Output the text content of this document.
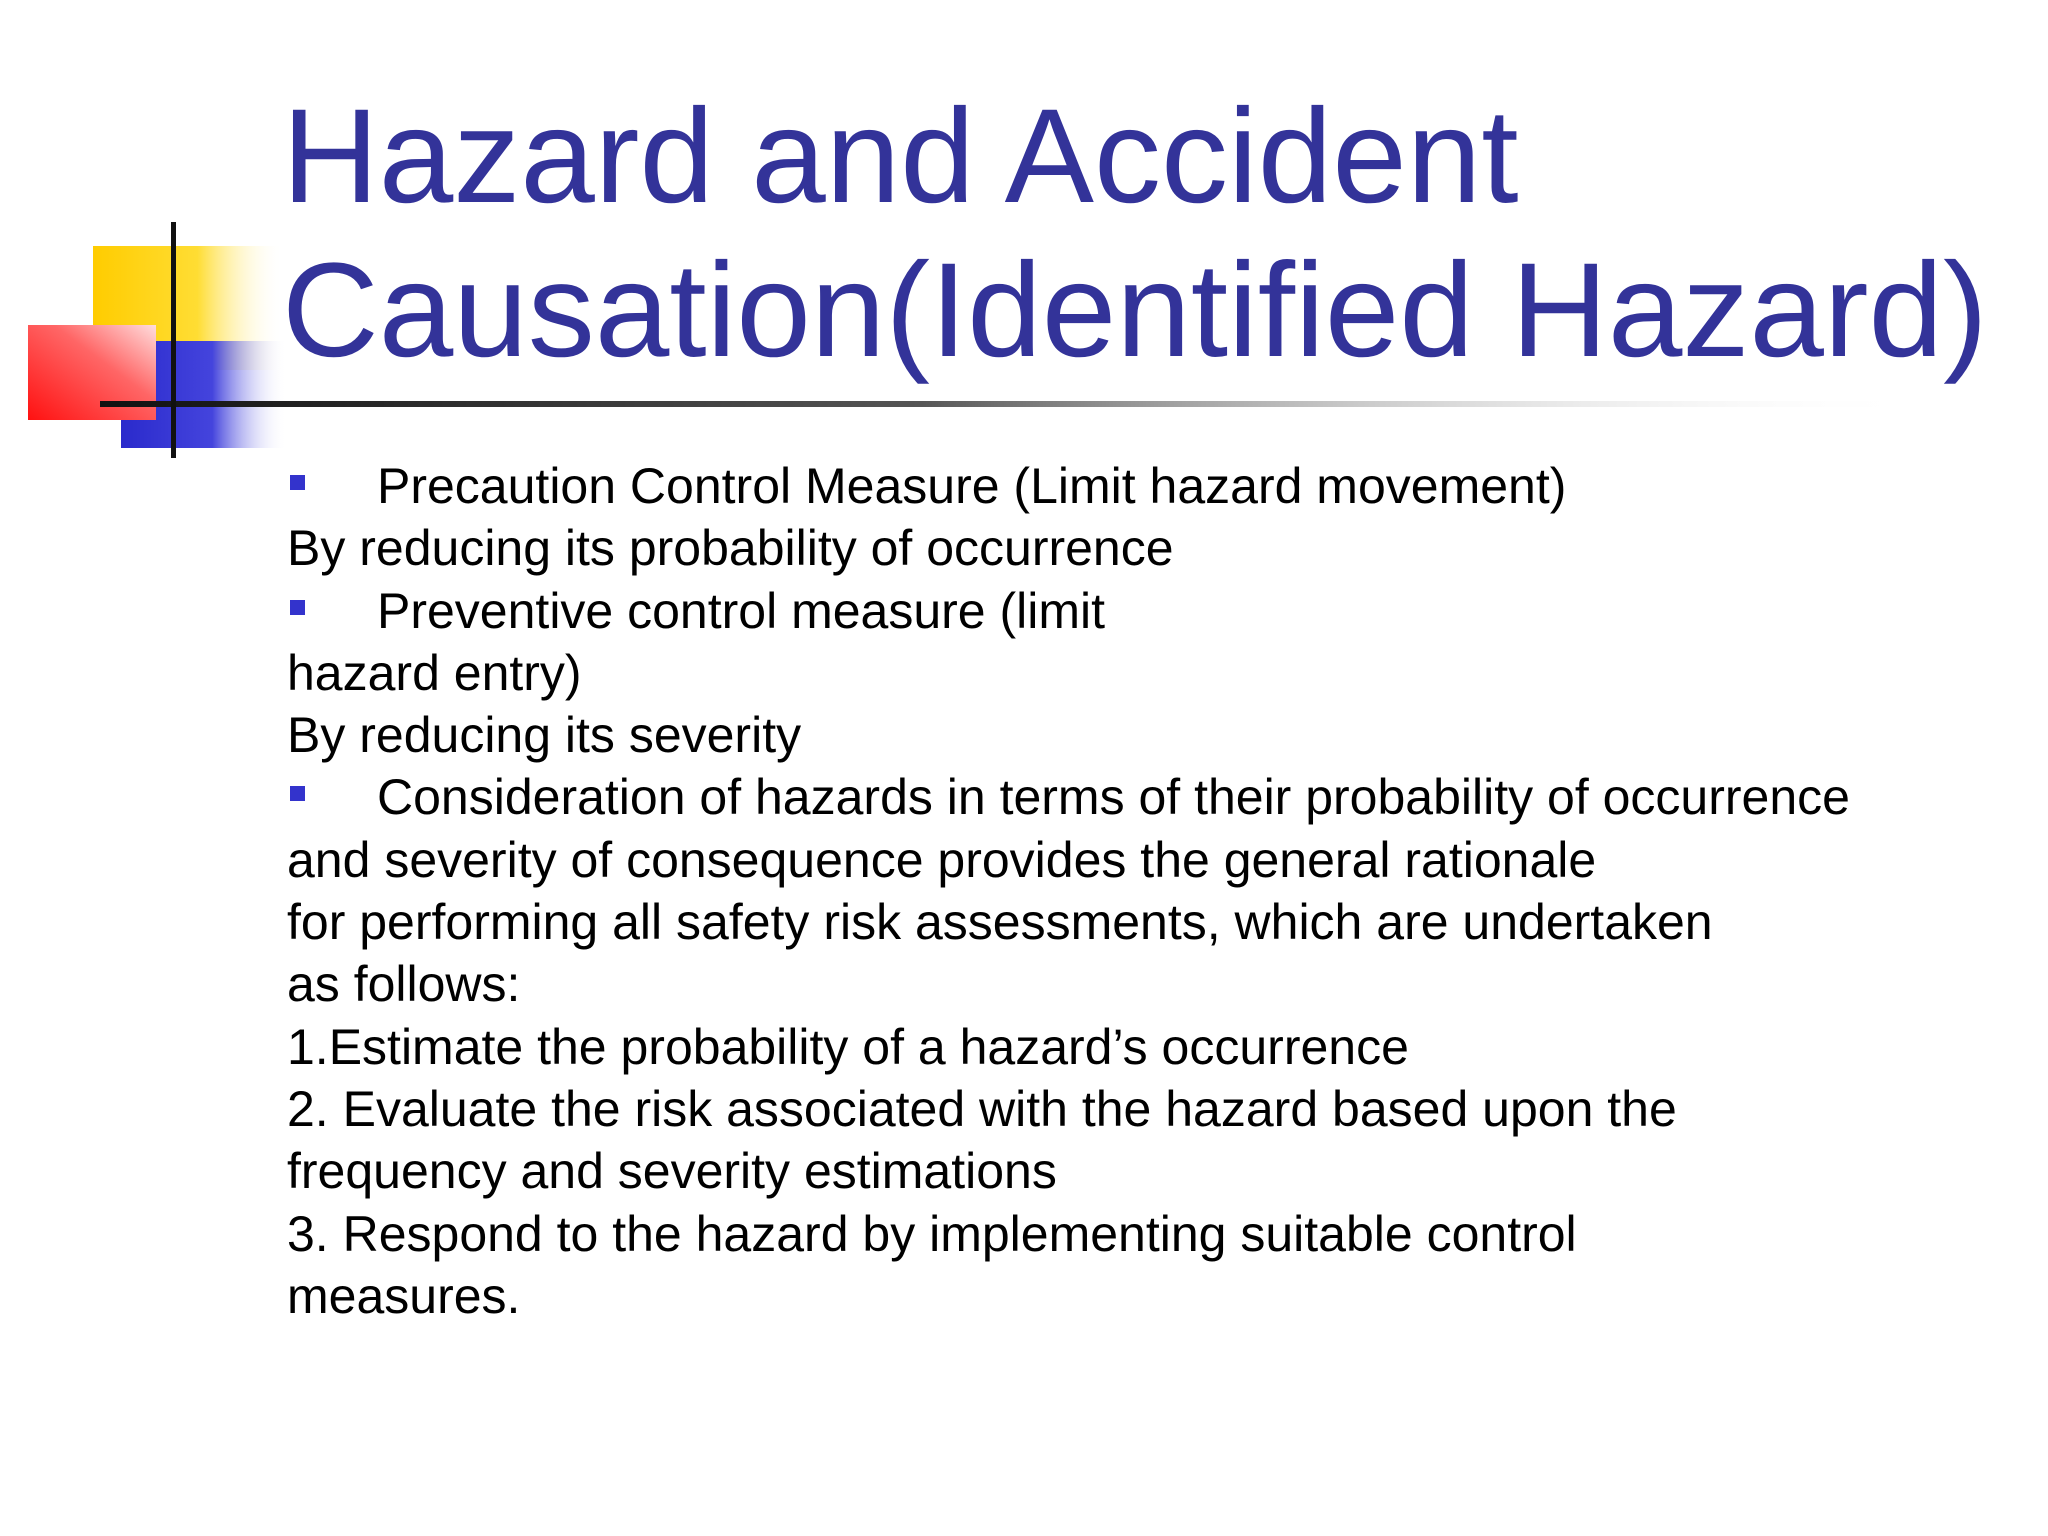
Hazard and Accident
Causation(Identified Hazard)
Precaution Control Measure (Limit hazard movement)
By reducing its probability of occurrence
Preventive control measure (limit
hazard entry)
By reducing its severity
Consideration of hazards in terms of their probability of occurrence
and severity of consequence provides the general rationale
for performing all safety risk assessments, which are undertaken
as follows:
1.Estimate the probability of a hazard’s occurrence
2. Evaluate the risk associated with the hazard based upon the
frequency and severity estimations
3. Respond to the hazard by implementing suitable control
measures.
